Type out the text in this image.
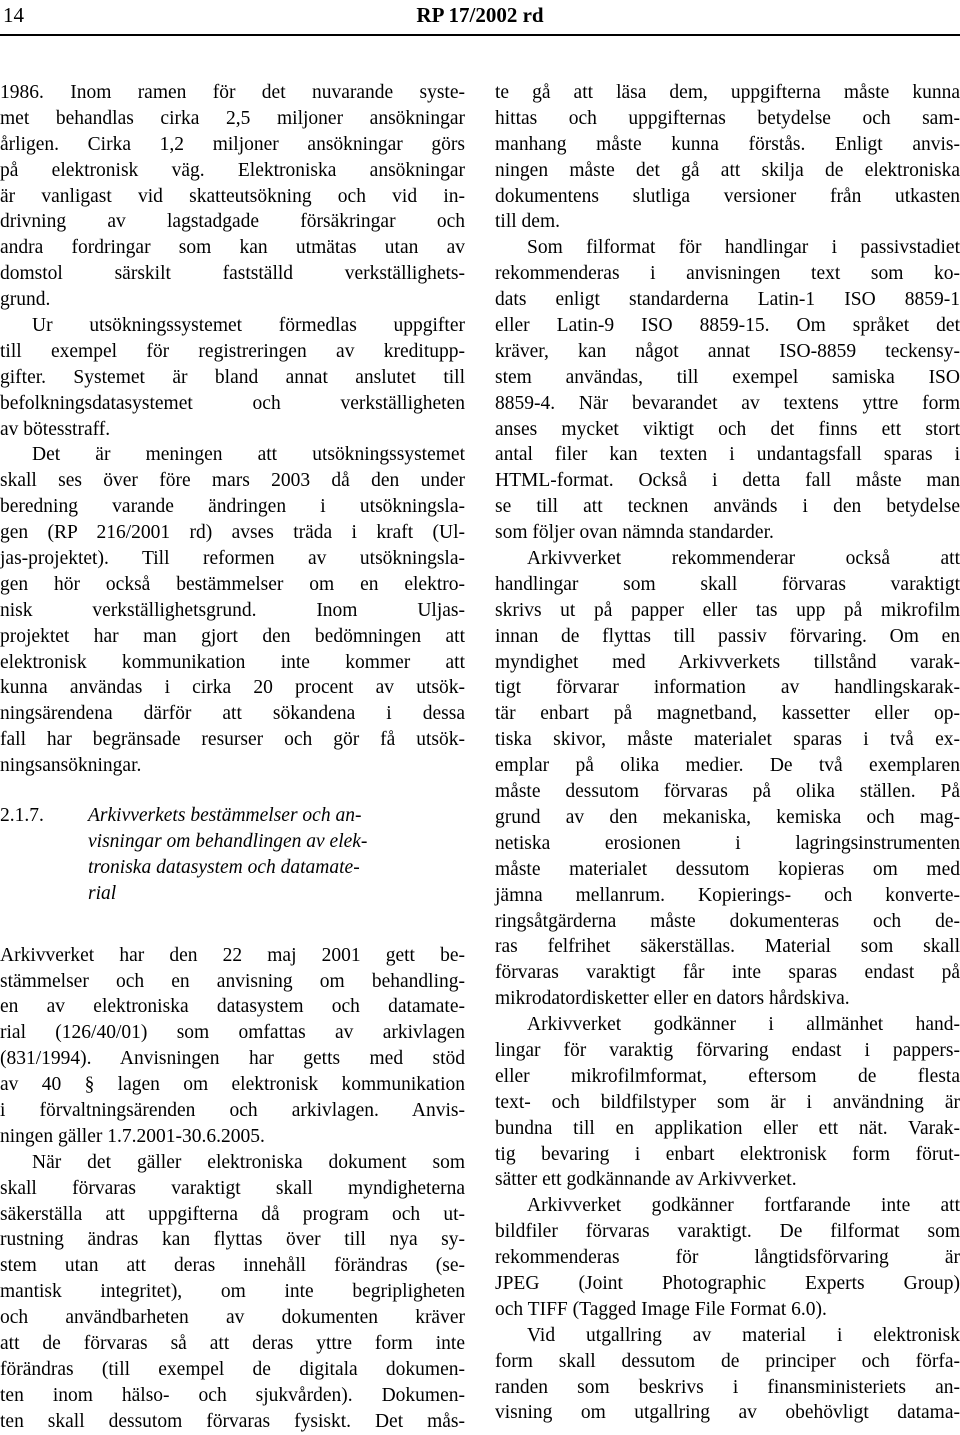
14	RP 17/2002 rd
1986. Inom ramen för det nuvarande syste-
met behandlas cirka 2,5 miljoner ansökningar
årligen. Cirka 1,2 miljoner ansökningar görs
på elektronisk väg. Elektroniska ansökningar
är vanligast vid skatteutsökning och vid in-
drivning av lagstadgade försäkringar och
andra fordringar som kan utmätas utan av
domstol särskilt fastställd verkställighets-
grund.
Ur utsökningssystemet förmedlas uppgifter
till exempel för registreringen av kreditupp-
gifter. Systemet är bland annat anslutet till
befolkningsdatasystemet och verkställigheten
av bötesstraff.
Det är meningen att utsökningssystemet
skall ses över före mars 2003 då den under
beredning varande ändringen i utsökningsla-
gen (RP 216/2001 rd) avses träda i kraft (Ul-
jas-projektet). Till reformen av utsökningsla-
gen hör också bestämmelser om en elektro-
nisk verkställighetsgrund. Inom Uljas-
projektet har man gjort den bedömningen att
elektronisk kommunikation inte kommer att
kunna användas i cirka 20 procent av utsök-
ningsärendena därför att sökandena i dessa
fall har begränsade resurser och gör få utsök-
ningsansökningar.
2.1.7. Arkivverkets bestämmelser och an-
visningar om behandlingen av elek-
troniska datasystem och datamate-
rial
Arkivverket har den 22 maj 2001 gett be-
stämmelser och en anvisning om behandling-
en av elektroniska datasystem och datamate-
rial (126/40/01) som omfattas av arkivlagen
(831/1994). Anvisningen har getts med stöd
av 40 § lagen om elektronisk kommunikation
i förvaltningsärenden och arkivlagen. Anvis-
ningen gäller 1.7.2001-30.6.2005.
När det gäller elektroniska dokument som
skall förvaras varaktigt skall myndigheterna
säkerställa att uppgifterna då program och ut-
rustning ändras kan flyttas över till nya sy-
stem utan att deras innehåll förändras (se-
mantisk integritet), om inte begripligheten
och användbarheten av dokumenten kräver
att de förvaras så att deras yttre form inte
förändras (till exempel de digitala dokumen-
ten inom hälso- och sjukvården). Dokumen-
ten skall dessutom förvaras fysiskt. Det mås-
te gå att läsa dem, uppgifterna måste kunna
hittas och uppgifternas betydelse och sam-
manhang måste kunna förstås. Enligt anvis-
ningen måste det gå att skilja de elektroniska
dokumentens slutliga versioner från utkasten
till dem.
Som filformat för handlingar i passivstadiet
rekommenderas i anvisningen text som ko-
dats enligt standarderna Latin-1 ISO 8859-1
eller Latin-9 ISO 8859-15. Om språket det
kräver, kan något annat ISO-8859 teckensy-
stem användas, till exempel samiska ISO
8859-4. När bevarandet av textens yttre form
anses mycket viktigt och det finns ett stort
antal filer kan texten i undantagsfall sparas i
HTML-format. Också i detta fall måste man
se till att tecknen används i den betydelse
som följer ovan nämnda standarder.
Arkivverket rekommenderar också att
handlingar som skall förvaras varaktigt
skrivs ut på papper eller tas upp på mikrofilm
innan de flyttas till passiv förvaring. Om en
myndighet med Arkivverkets tillstånd varak-
tigt förvarar information av handlingskarak-
tär enbart på magnetband, kassetter eller op-
tiska skivor, måste materialet sparas i två ex-
emplar på olika medier. De två exemplaren
måste dessutom förvaras på olika ställen. På
grund av den mekaniska, kemiska och mag-
netiska erosionen i lagringsinstrumenten
måste materialet dessutom kopieras om med
jämna mellanrum. Kopierings- och konverte-
ringsåtgärderna måste dokumenteras och de-
ras felfrihet säkerställas. Material som skall
förvaras varaktigt får inte sparas endast på
mikrodatordisketter eller en dators hårdskiva.
Arkivverket godkänner i allmänhet hand-
lingar för varaktig förvaring endast i pappers-
eller mikrofilmformat, eftersom de flesta
text- och bildfilstyper som är i användning är
bundna till en applikation eller ett nät. Varak-
tig bevaring i enbart elektronisk form förut-
sätter ett godkännande av Arkivverket.
Arkivverket godkänner fortfarande inte att
bildfiler förvaras varaktigt. De filformat som
rekommenderas för långtidsförvaring är
JPEG (Joint Photographic Experts Group)
och TIFF (Tagged Image File Format 6.0).
Vid utgallring av material i elektronisk
form skall dessutom de principer och förfa-
randen som beskrivs i finansministeriets an-
visning om utgallring av obehövligt datama-
